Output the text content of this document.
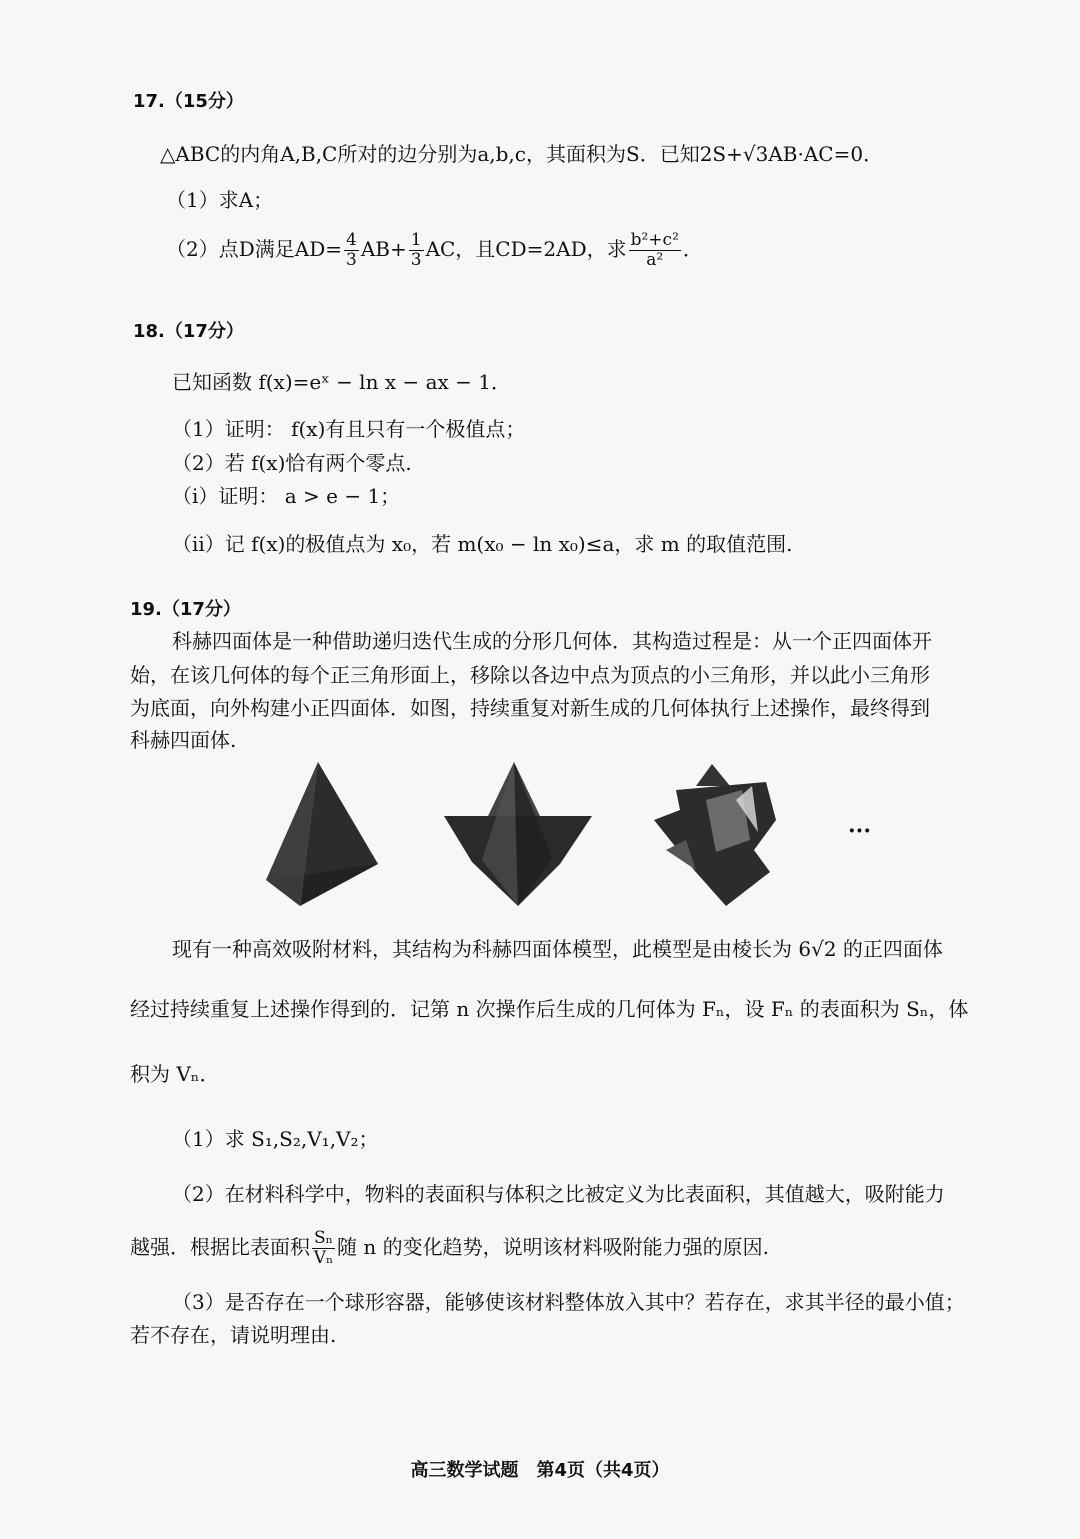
17.（15分）
△ABC的内角A,B,C所对的边分别为a,b,c，其面积为S．已知2S+√3AB·AC=0．
（1）求A；
（2）点D满足$AD= \frac{4}{3} AB+ \frac{1}{3}$ AC，且CD=2AD，求 $\frac{\text{b²+c²}}{\text{a²}}$ ．
18.（17分）
已知函数 f(x)=eˣ − ln x − ax − 1．
（1）证明： f(x)有且只有一个极值点；
（2）若 f(x)恰有两个零点.
（i）证明： a > e − 1；
（ii）记 f(x)的极值点为 x₀，若 m(x₀ − ln x₀)≤a，求 m 的取值范围.
19.（17分）
科赫四面体是一种借助递归迭代生成的分形几何体．其构造过程是：从一个正四面体开
始，在该几何体的每个正三角形面上，移除以各边中点为顶点的小三角形，并以此小三角形
为底面，向外构建小正四面体．如图，持续重复对新生成的几何体执行上述操作，最终得到
科赫四面体.
···
现有一种高效吸附材料，其结构为科赫四面体模型，此模型是由棱长为 6√2 的正四面体
经过持续重复上述操作得到的．记第 n 次操作后生成的几何体为 Fₙ，设 Fₙ 的表面积为 Sₙ，体
积为 Vₙ．
（1）求 S₁,S₂,V₁,V₂；
（2）在材料科学中，物料的表面积与体积之比被定义为比表面积，其值越大，吸附能力
越强．根据比表面积 $\frac{\text{Sₙ}}{\text{Vₙ}}$ 随 n 的变化趋势，说明该材料吸附能力强的原因.
（3）是否存在一个球形容器，能够使该材料整体放入其中？若存在，求其半径的最小值；
若不存在，请说明理由.
高三数学试题　第4页（共4页）
